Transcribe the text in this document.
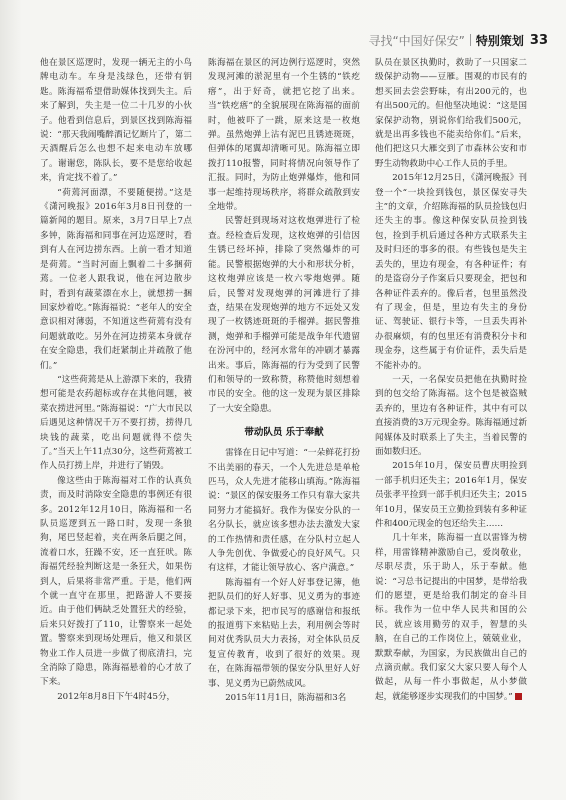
寻找“中国好保安” 特别策划 33

他在景区巡逻时，发现一辆无主的小鸟牌电动车。车身是浅绿色，还带有钥匙。陈海福希望借助媒体找到失主。后来了解到，失主是一位二十几岁的小伙子。他看到信息后，到景区找到陈海福说：“那天我闹嘴醉酒记忆断片了，第二天酒醒后怎么也想不起来电动车放哪了。谢谢您，陈队长，要不是您给收起来，肯定找不着了。”

“荷蔫河面漂，不要随便捞。”这是《潇河晚报》2016年3月8日刊登的一篇新闻的题目。原来，3月7日早上7点多钟，陈海福和同事在河边巡逻时，看到有人在河边捞东西。上前一看才知道是荷蔫。“当时河面上飘着二十多捆荷蔫。一位老人跟我说，他在河边散步时，看到有蔬菜漂在水上，就想捞一捆回家炒着吃。”陈海福说：“老年人的安全意识相对薄弱，不知道这些荷蔫有没有问题就敢吃。另外在河边捞菜本身就存在安全隐患，我们赶紧制止并疏散了他们。”

“这些荷蔫是从上游漂下来的，我猜想可能是农药超标或存在其他问题，被菜农捞进河里。”陈海福说：“广大市民以后遇见这种情况千万不要打捞，捞得几块钱的蔬菜，吃出问题就得不偿失了。”当天上午11点30分，这些荷蔫被工作人员打捞上岸，并进行了销毁。

像这些由于陈海福对工作的认真负责，而及时消除安全隐患的事例还有很多。2012年12月10日，陈海福和一名队员巡逻到五一路口时，发现一条狼狗，尾巴竖起着，夹在两条后腿之间，流着口水，狂躁不安，还一直狂吠。陈海福凭经验判断这是一条狂犬，如果伤到人，后果将非常严重。于是，他们两个就一直守在那里，把路游人不要接近。由于他们俩缺乏处置狂犬的经验，后来只好拨打了110，让警察来一起处置。警察来到现场处理后，他又和景区物业工作人员进一步做了彻底清扫，完全消除了隐患，陈海福悬着的心才放了下来。

2012年8月8日下午4时45分，

陈海福在景区的河边例行巡逻时，突然发现河滩的淤泥里有一个生锈的“铁疙瘩”，出于好奇，就把它挖了出来。当“铁疙瘩”的全貌展现在陈海福的面前时，他被吓了一跳，原来这是一枚炮弹。虽然炮弹上沾有泥巴且锈迹斑斑，但弹体的尾翼却清晰可见。陈海福立即拨打110报警，同时将情况向领导作了汇报。同时，为防止炮弹爆炸，他和同事一起维持现场秩序，将群众疏散到安全地带。

民警赶到现场对这枚炮弹进行了检查。经检查后发现，这枚炮弹的引信因生锈已经坏掉，排除了突然爆炸的可能。民警根据炮弹的大小和形状分析，这枚炮弹应该是一枚六零炮炮弹。随后，民警对发现炮弹的河滩进行了排查，结果在发现炮弹的地方不远处又发现了一枚锈迹斑斑的手榴弹。据民警推测，炮弹和手榴弹可能是战争年代遗留在汾河中的，经河水常年的冲刷才暴露出来。事后，陈海福的行为受到了民警们和领导的一致称赞，称赞他时刻想着市民的安全。他的这一发现为景区排除了一大安全隐患。

带动队员 乐于奉献

雷锋在日记中写道：“一朵鲜花打扮不出美丽的春天，一个人先进总是单枪匹马，众人先进才能移山填海。”陈海福说：“景区的保安服务工作只有靠大家共同努力才能搞好。我作为保安分队的一名分队长，就应该多想办法去激发大家的工作热情和责任感，在分队村立起人人争先创优、争做爱心的良好风气。只有这样，才能让领导放心、客户满意。”

陈海福有一个好人好事登记簿，他把队员们的好人好事、见义勇为的事迹都记录下来，把市民写的感谢信和报纸的报道剪下来粘贴上去，利用例会等时间对优秀队员大力表扬，对全体队员反复宣传教育，收到了很好的效果。现在，在陈海福带领的保安分队里好人好事、见义勇为已蔚然成风。

2015年11月1日，陈海福和3名

队员在景区执勤时，救助了一只国家二级保护动物——豆雁。围观的市民有的想买回去尝尝野味，有出200元的，也有出500元的。但他坚决地说：“这是国家保护动物，别说你们给我们500元，就是出再多钱也不能卖给你们。”后来，他们把这只大雁交到了市森林公安和市野生动物救助中心工作人员的手里。

2015年12月25日，《潇河晚报》刊登一个“一块捡到钱包，景区保安寻失主”的文章，介绍陈海福的队员捡钱包归还失主的事。像这种保安队员捡到钱包，捡到手机后通过各种方式联系失主及时归还的事多的很。有些钱包是失主丢失的，里边有现金，有各种证件；有的是盗窃分子作案后只要现金，把包和各种证件丢弃的。像后者，包里虽然没有了现金，但是，里边有失主的身份证、驾驶证、银行卡等，一旦丢失再补办很麻烦，有的包里还有消费积分卡和现金券，这些属于有价证件，丢失后是不能补办的。

一天，一名保安员把他在执勤时捡到的包交给了陈海福。这个包是被盗贼丢弃的，里边有各种证件，其中有可以直接消费的3万元现金券。陈海福通过新闻媒体及时联系上了失主，当着民警的面如数归还。

2015年10月，保安员曹庆明捡到一部手机归还失主；2016年1月，保安员张孝平捡到一部手机归还失主；2015年10月，保安员王立勤捡到装有多种证件和400元现金的包还给失主……

几十年来，陈海福一直以雷锋为榜样，用雷锋精神激励自己，爱岗敬业，尽职尽责，乐于助人，乐于奉献。他说：“习总书记提出的中国梦，是带给我们的愿望，更是给我们制定的奋斗目标。我作为一位中华人民共和国的公民，就应该用勤劳的双手，智慧的头脑，在自己的工作岗位上，兢兢业业，默默奉献，为国家，为民族做出自己的点滴贡献。我们家父大家只要人每个人做起，从每一件小事做起，从小梦做起，就能够逐步实现我们的中国梦。”
